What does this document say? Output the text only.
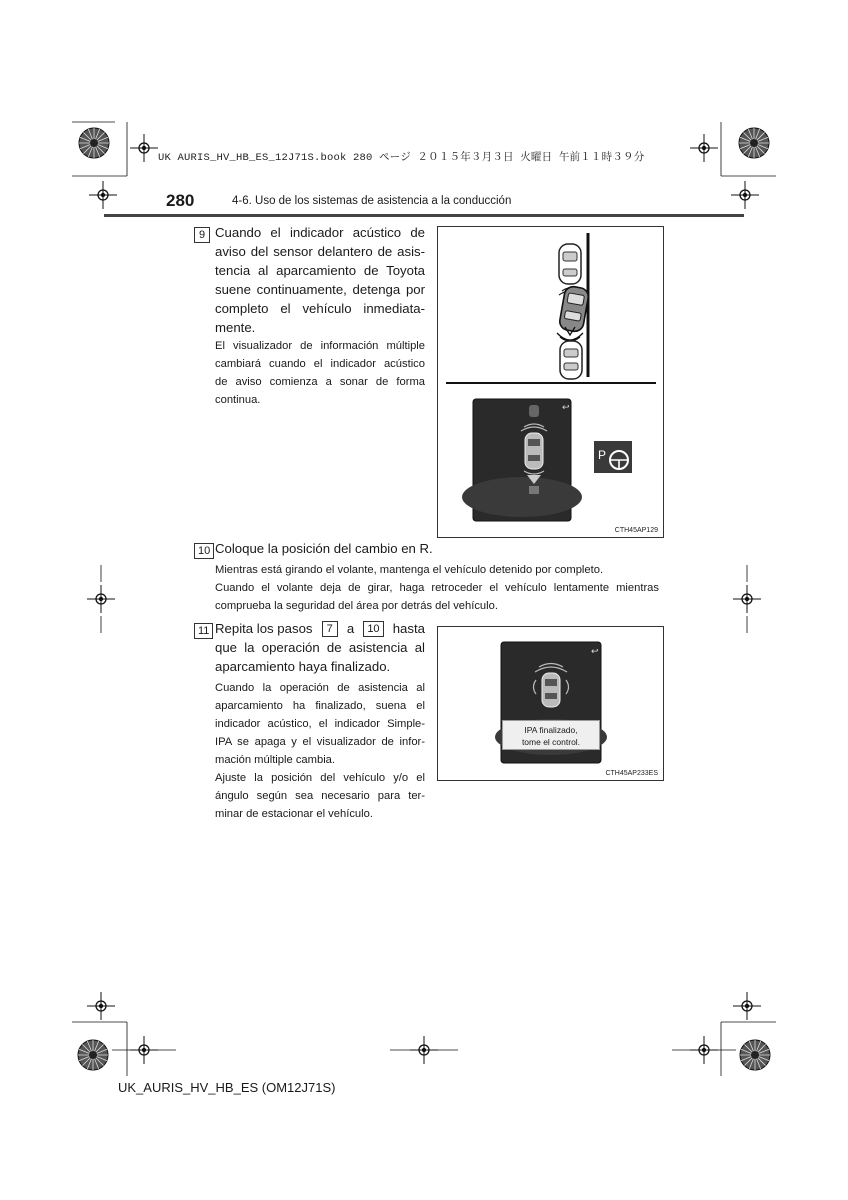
UK AURIS_HV_HB_ES_12J71S.book 280 ページ ２０１５年３月３日 火曜日 午前１１時３９分
280	4-6. Uso de los sistemas de asistencia a la conducción
9 Cuando el indicador acústico de
aviso del sensor delantero de asis-
tencia al aparcamiento de Toyota
suene continuamente, detenga por
completo el vehículo inmediata-
mente.
El visualizador de información múltiple
cambiará cuando el indicador acústico
de aviso comienza a sonar de forma
continua.
↩
P
CTH45AP129
10 Coloque la posición del cambio en R.
Mientras está girando el volante, mantenga el vehículo detenido por completo.
Cuando el volante deja de girar, haga retroceder el vehículo lentamente mientras
comprueba la seguridad del área por detrás del vehículo.
11 Repita los pasos	7	a	10 hasta
que la operación de asistencia al
aparcamiento haya finalizado.
Cuando la operación de asistencia al
aparcamiento ha finalizado, suena el
indicador acústico, el indicador Simple-
IPA se apaga y el visualizador de infor-
mación múltiple cambia.
Ajuste la posición del vehículo y/o el
ángulo según sea necesario para ter-
minar de estacionar el vehículo.
↩
IPA finalizado,
tome el control.
CTH45AP233ES
UK_AURIS_HV_HB_ES (OM12J71S)
